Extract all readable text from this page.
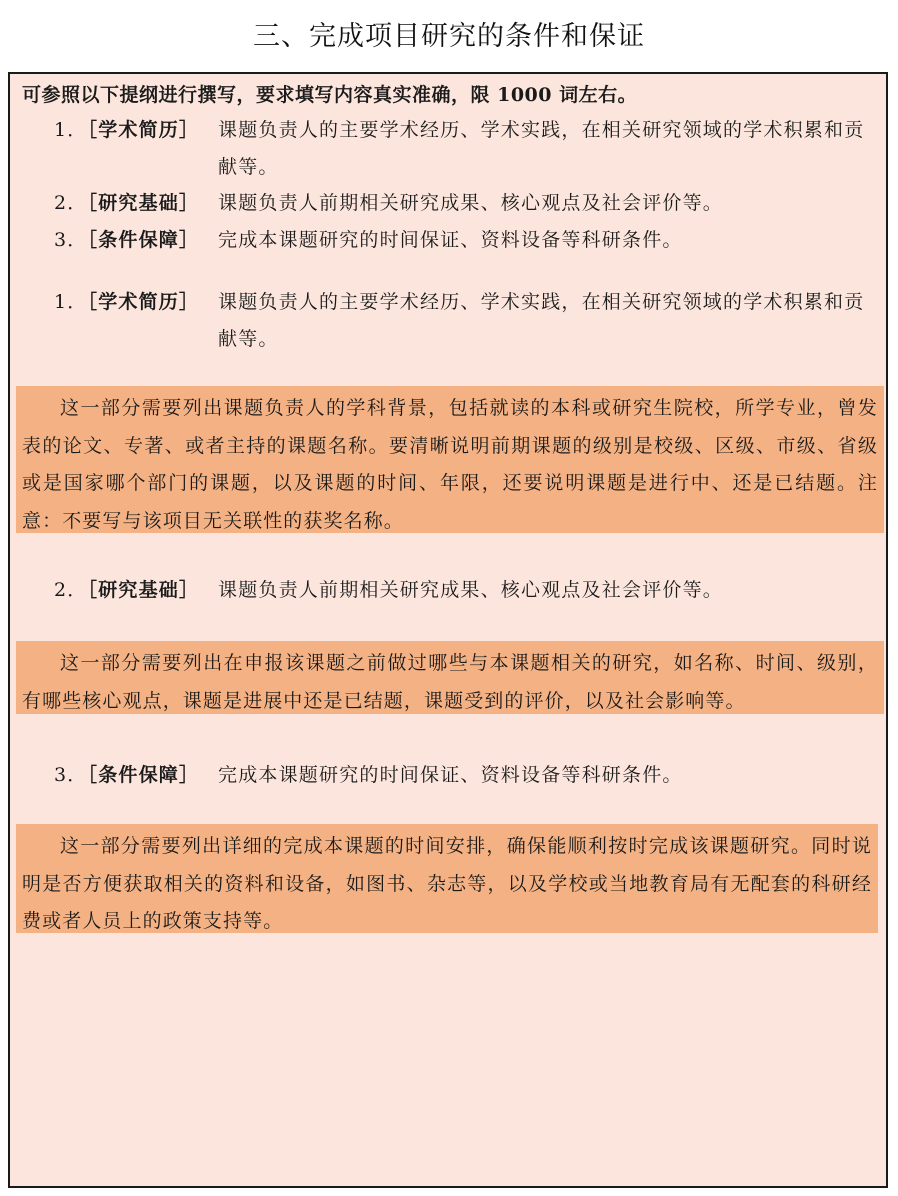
三、完成项目研究的条件和保证
可参照以下提纲进行撰写，要求填写内容真实准确，限 1000 词左右。
1．［学术简历］ 课题负责人的主要学术经历、学术实践，在相关研究领域的学术积累和贡献等。
2．［研究基础］ 课题负责人前期相关研究成果、核心观点及社会评价等。
3．［条件保障］ 完成本课题研究的时间保证、资料设备等科研条件。
1．［学术简历］ 课题负责人的主要学术经历、学术实践，在相关研究领域的学术积累和贡献等。
这一部分需要列出课题负责人的学科背景，包括就读的本科或研究生院校，所学专业，曾发表的论文、专著、或者主持的课题名称。要清晰说明前期课题的级别是校级、区级、市级、省级或是国家哪个部门的课题，以及课题的时间、年限，还要说明课题是进行中、还是已结题。注意：不要写与该项目无关联性的获奖名称。
2．［研究基础］ 课题负责人前期相关研究成果、核心观点及社会评价等。
这一部分需要列出在申报该课题之前做过哪些与本课题相关的研究，如名称、时间、级别，有哪些核心观点，课题是进展中还是已结题，课题受到的评价，以及社会影响等。
3．［条件保障］ 完成本课题研究的时间保证、资料设备等科研条件。
这一部分需要列出详细的完成本课题的时间安排，确保能顺利按时完成该课题研究。同时说明是否方便获取相关的资料和设备，如图书、杂志等，以及学校或当地教育局有无配套的科研经费或者人员上的政策支持等。
